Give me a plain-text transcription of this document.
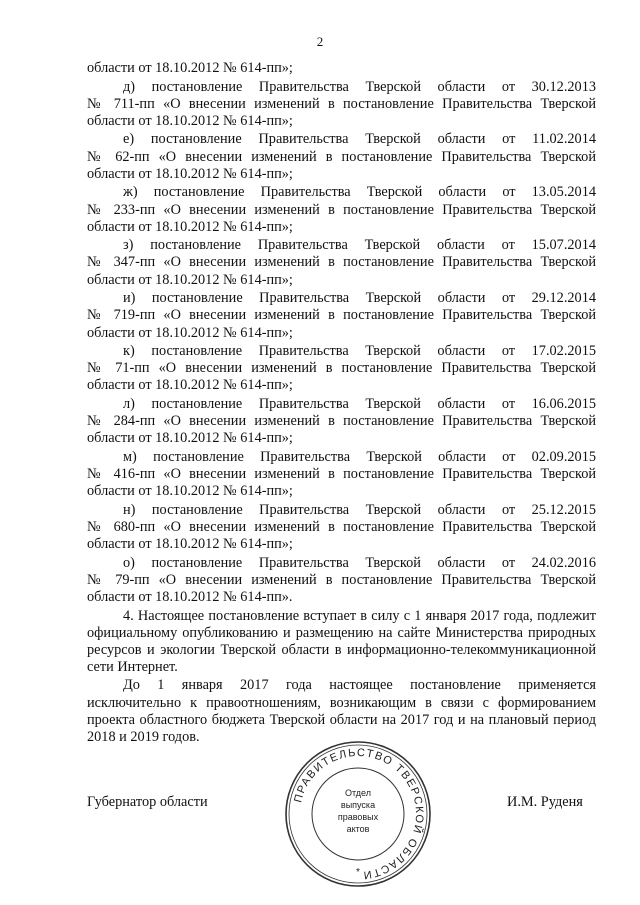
2
области от 18.10.2012 № 614-пп»;

д) постановление Правительства Тверской области от 30.12.2013

№ 711-пп «О внесении изменений в постановление Правительства Тверской

области от 18.10.2012 № 614-пп»;

е) постановление Правительства Тверской области от 11.02.2014

№ 62-пп «О внесении изменений в постановление Правительства Тверской

области от 18.10.2012 № 614-пп»;

ж) постановление Правительства Тверской области от 13.05.2014

№ 233-пп «О внесении изменений в постановление Правительства Тверской

области от 18.10.2012 № 614-пп»;

з) постановление Правительства Тверской области от 15.07.2014

№ 347-пп «О внесении изменений в постановление Правительства Тверской

области от 18.10.2012 № 614-пп»;

и) постановление Правительства Тверской области от 29.12.2014

№ 719-пп «О внесении изменений в постановление Правительства Тверской

области от 18.10.2012 № 614-пп»;

к) постановление Правительства Тверской области от 17.02.2015

№ 71-пп «О внесении изменений в постановление Правительства Тверской

области от 18.10.2012 № 614-пп»;

л) постановление Правительства Тверской области от 16.06.2015

№ 284-пп «О внесении изменений в постановление Правительства Тверской

области от 18.10.2012 № 614-пп»;

м) постановление Правительства Тверской области от 02.09.2015

№ 416-пп «О внесении изменений в постановление Правительства Тверской

области от 18.10.2012 № 614-пп»;

н) постановление Правительства Тверской области от 25.12.2015

№ 680-пп «О внесении изменений в постановление Правительства Тверской

области от 18.10.2012 № 614-пп»;

о) постановление Правительства Тверской области от 24.02.2016

№ 79-пп «О внесении изменений в постановление Правительства Тверской

области от 18.10.2012 № 614-пп».

4. Настоящее постановление вступает в силу с 1 января 2017 года, подлежит официальному опубликованию и размещению на сайте Министерства природных ресурсов и экологии Тверской области в информационно-телекоммуникационной сети Интернет.

До 1 января 2017 года настоящее постановление применяется исключительно к правоотношениям, возникающим в связи с формированием проекта областного бюджета Тверской области на 2017 год и на плановый период 2018 и 2019 годов.

Губернатор области	И.М. Руденя
ПРАВИТЕЛЬСТВО ТВЕРСКОЙ ОБЛАСТИ
Отдел
выпуска
правовых
актов
*
